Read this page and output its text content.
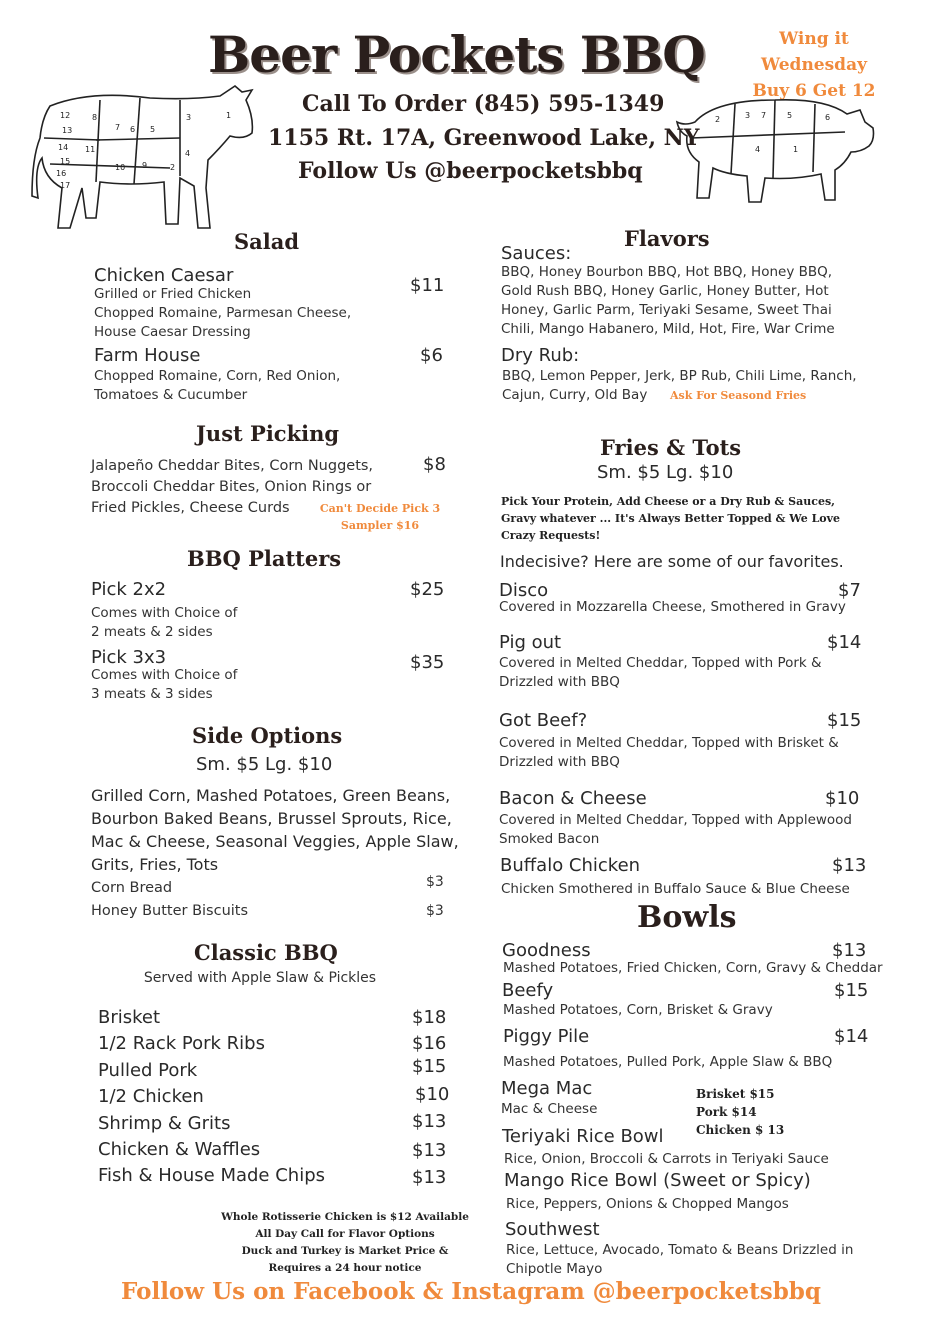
Beer Pockets BBQ
Call To Order (845) 595-1349
1155 Rt. 17A, Greenwood Lake, NY
Follow Us @beerpocketsbbq
Wing it
Wednesday
Buy 6 Get 12
12	8
13	7 6 5
3	1
4
14 11
15
10 9	2
16
17
2	3 7	5	6
4	1
Salad
Chicken Caesar	$11
Grilled or Fried Chicken
Chopped Romaine, Parmesan Cheese,
House Caesar Dressing
Farm House	$6
Chopped Romaine, Corn, Red Onion,
Tomatoes & Cucumber
Just Picking
Jalapeño Cheddar Bites, Corn Nuggets,
Broccoli Cheddar Bites, Onion Rings or
Fried Pickles, Cheese Curds
$8
Can't Decide Pick 3
Sampler $16
BBQ Platters
Pick 2x2	$25
Comes with Choice of
2 meats & 2 sides
Pick 3x3	$35
Comes with Choice of
3 meats & 3 sides
Side Options
Sm. $5 Lg. $10
Grilled Corn, Mashed Potatoes, Green Beans,
Bourbon Baked Beans, Brussel Sprouts, Rice,
Mac & Cheese, Seasonal Veggies, Apple Slaw,
Grits, Fries, Tots
Corn Bread	$3
Honey Butter Biscuits	$3
Classic BBQ
Served with Apple Slaw & Pickles
Brisket	$18
1/2 Rack Pork Ribs	$16
Pulled Pork	$15
1/2 Chicken	$10
Shrimp & Grits	$13
Chicken & Waffles	$13
Fish & House Made Chips	$13
Whole Rotisserie Chicken is $12 Available
All Day Call for Flavor Options
Duck and Turkey is Market Price &
Requires a 24 hour notice
Flavors
Sauces:
BBQ, Honey Bourbon BBQ, Hot BBQ, Honey BBQ,
Gold Rush BBQ, Honey Garlic, Honey Butter, Hot
Honey, Garlic Parm, Teriyaki Sesame, Sweet Thai
Chili, Mango Habanero, Mild, Hot, Fire, War Crime
Dry Rub:
BBQ, Lemon Pepper, Jerk, BP Rub, Chili Lime, Ranch,
Cajun, Curry, Old Bay	Ask For Seasond Fries
Fries & Tots
Sm. $5 Lg. $10
Pick Your Protein, Add Cheese or a Dry Rub & Sauces,
Gravy whatever ... It's Always Better Topped & We Love
Crazy Requests!
Indecisive? Here are some of our favorites.
Disco	$7
Covered in Mozzarella Cheese, Smothered in Gravy
Pig out	$14
Covered in Melted Cheddar, Topped with Pork &
Drizzled with BBQ
Got Beef?	$15
Covered in Melted Cheddar, Topped with Brisket &
Drizzled with BBQ
Bacon & Cheese	$10
Covered in Melted Cheddar, Topped with Applewood
Smoked Bacon
Buffalo Chicken	$13
Chicken Smothered in Buffalo Sauce & Blue Cheese
Bowls
Goodness	$13
Mashed Potatoes, Fried Chicken, Corn, Gravy & Cheddar
Beefy	$15
Mashed Potatoes, Corn, Brisket & Gravy
Piggy Pile	$14
Mashed Potatoes, Pulled Pork, Apple Slaw & BBQ
Mega Mac
Mac & Cheese
Brisket $15
Pork $14
Chicken $ 13
Teriyaki Rice Bowl
Rice, Onion, Broccoli & Carrots in Teriyaki Sauce
Mango Rice Bowl (Sweet or Spicy)
Rice, Peppers, Onions & Chopped Mangos
Southwest
Rice, Lettuce, Avocado, Tomato & Beans Drizzled in
Chipotle Mayo
Follow Us on Facebook & Instagram @beerpocketsbbq
